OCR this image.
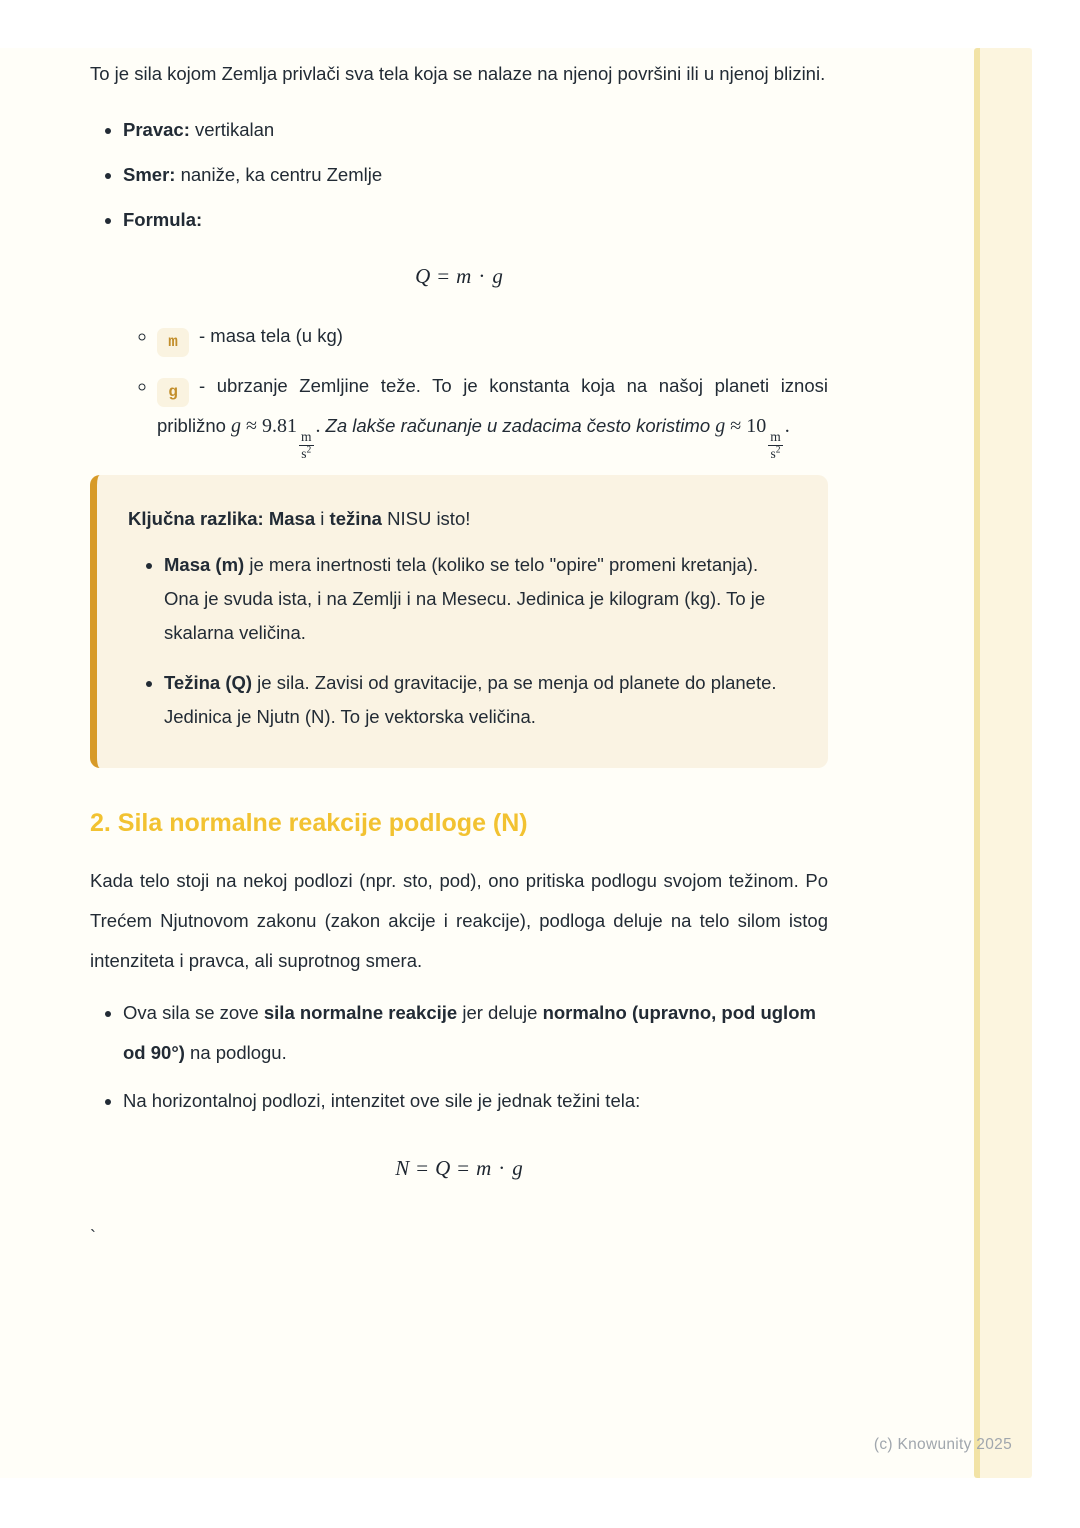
To je sila kojom Zemlja privlači sva tela koja se nalaze na njenoj površini ili u njenoj blizini.

• Pravac: vertikalan
• Smer: naniže, ka centru Zemlje
• Formula:
Q = m · g
◦ m - masa tela (u kg)
◦ g - ubrzanje Zemljine teže. To je konstanta koja na našoj planeti iznosi približno g ≈ 9.81
$\frac{m}{s^2}$
. Za lakše računanje u zadacima često koristimo g ≈ 10
$\frac{m}{s^2}$
.
Ključna razlika: Masa i težina NISU isto!
• Masa (m) je mera inertnosti tela (koliko se telo "opire" promeni kretanja). Ona je svuda ista, i na Zemlji i na Mesecu. Jedinica je kilogram (kg). To je skalarna veličina.
• Težina (Q) je sila. Zavisi od gravitacije, pa se menja od planete do planete. Jedinica je Njutn (N). To je vektorska veličina.
2. Sila normalne reakcije podloge (N)

Kada telo stoji na nekoj podlozi (npr. sto, pod), ono pritiska podlogu svojom težinom. Po Trećem Njutnovom zakonu (zakon akcije i reakcije), podloga deluje na telo silom istog intenziteta i pravca, ali suprotnog smera.

• Ova sila se zove sila normalne reakcije jer deluje normalno (upravno, pod uglom od 90°) na podlogu.
• Na horizontalnoj podlozi, intenzitet ove sile je jednak težini tela:
N = Q = m · g
`
(c) Knowunity 2025
